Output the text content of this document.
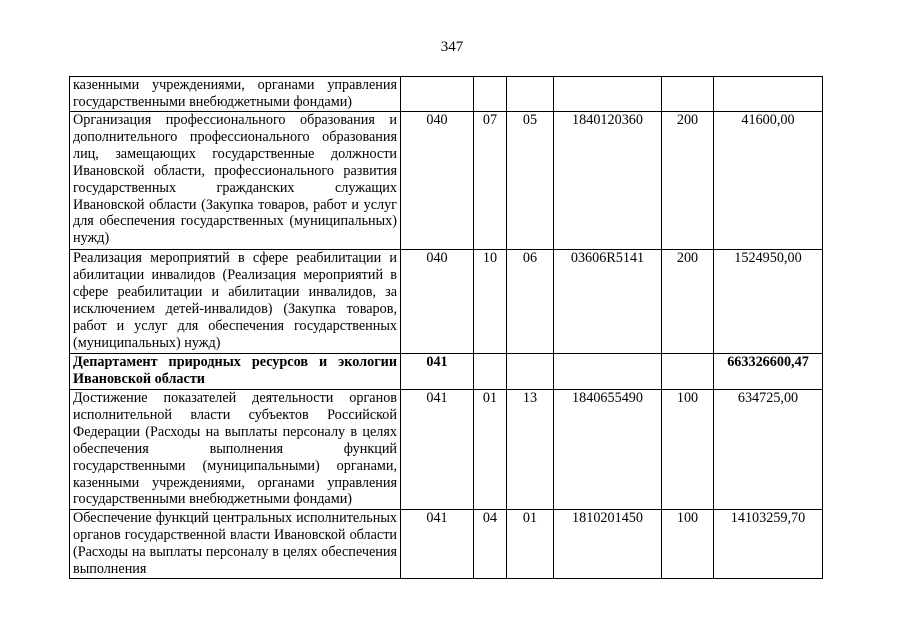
347
казенными учреждениями, органами управления государственными внебюджетными фондами)						
Организация профессионального образования и дополнительного профессионального образования лиц, замещающих государственные должности Ивановской области, профессионального развития государственных гражданских служащих Ивановской области (Закупка товаров, работ и услуг для обеспечения государственных (муниципальных) нужд)	040	07	05	1840120360	200	41600,00
Реализация мероприятий в сфере реабилитации и абилитации инвалидов (Реализация мероприятий в сфере реабилитации и абилитации инвалидов, за исключением детей-инвалидов) (Закупка товаров, работ и услуг для обеспечения государственных (муниципальных) нужд)	040	10	06	03606R5141	200	1524950,00
Департамент природных ресурсов и экологии Ивановской области	041					663326600,47
Достижение показателей деятельности органов исполнительной власти субъектов Российской Федерации (Расходы на выплаты персоналу в целях обеспечения выполнения функций государственными (муниципальными) органами, казенными учреждениями, органами управления государственными внебюджетными фондами)	041	01	13	1840655490	100	634725,00
Обеспечение функций центральных исполнительных органов государственной власти Ивановской области (Расходы на выплаты персоналу в целях обеспечения выполнения	041	04	01	1810201450	100	14103259,70
